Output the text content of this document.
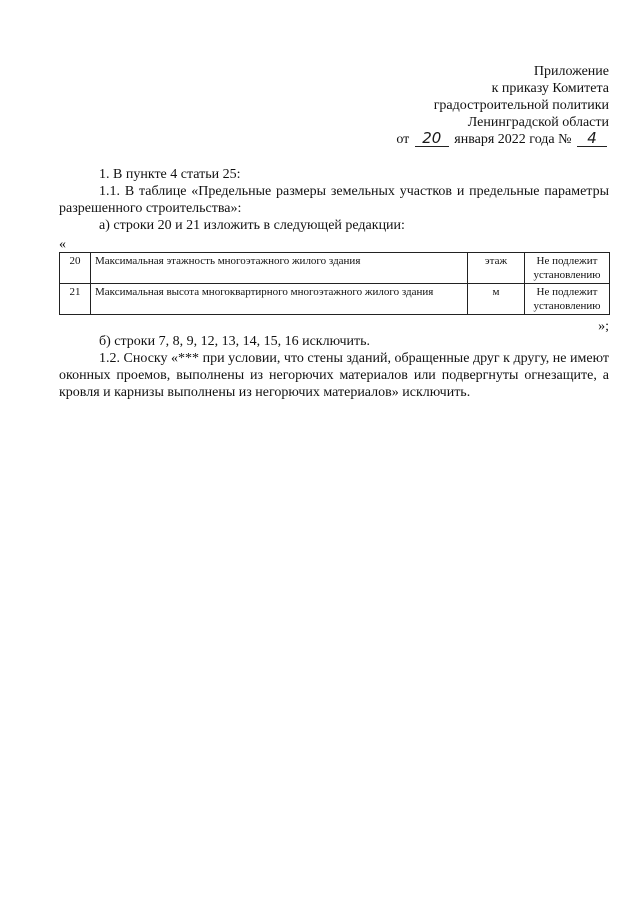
Приложение
к приказу Комитета
градостроительной политики
Ленинградской области
от 20 января 2022 года № 4

1. В пункте 4 статьи 25:

1.1. В таблице «Предельные размеры земельных участков и предельные параметры разрешенного строительства»:

а) строки 20 и 21 изложить в следующей редакции:

«
20	Максимальная этажность многоэтажного жилого здания	этаж	Не подлежит установлению
21	Максимальная высота многоквартирного многоэтажного жилого здания	м	Не подлежит установлению
»;

б) строки 7, 8, 9, 12, 13, 14, 15, 16 исключить.

1.2. Сноску «*** при условии, что стены зданий, обращенные друг к другу, не имеют оконных проемов, выполнены из негорючих материалов или подвергнуты огнезащите, а кровля и карнизы выполнены из негорючих материалов» исключить.
